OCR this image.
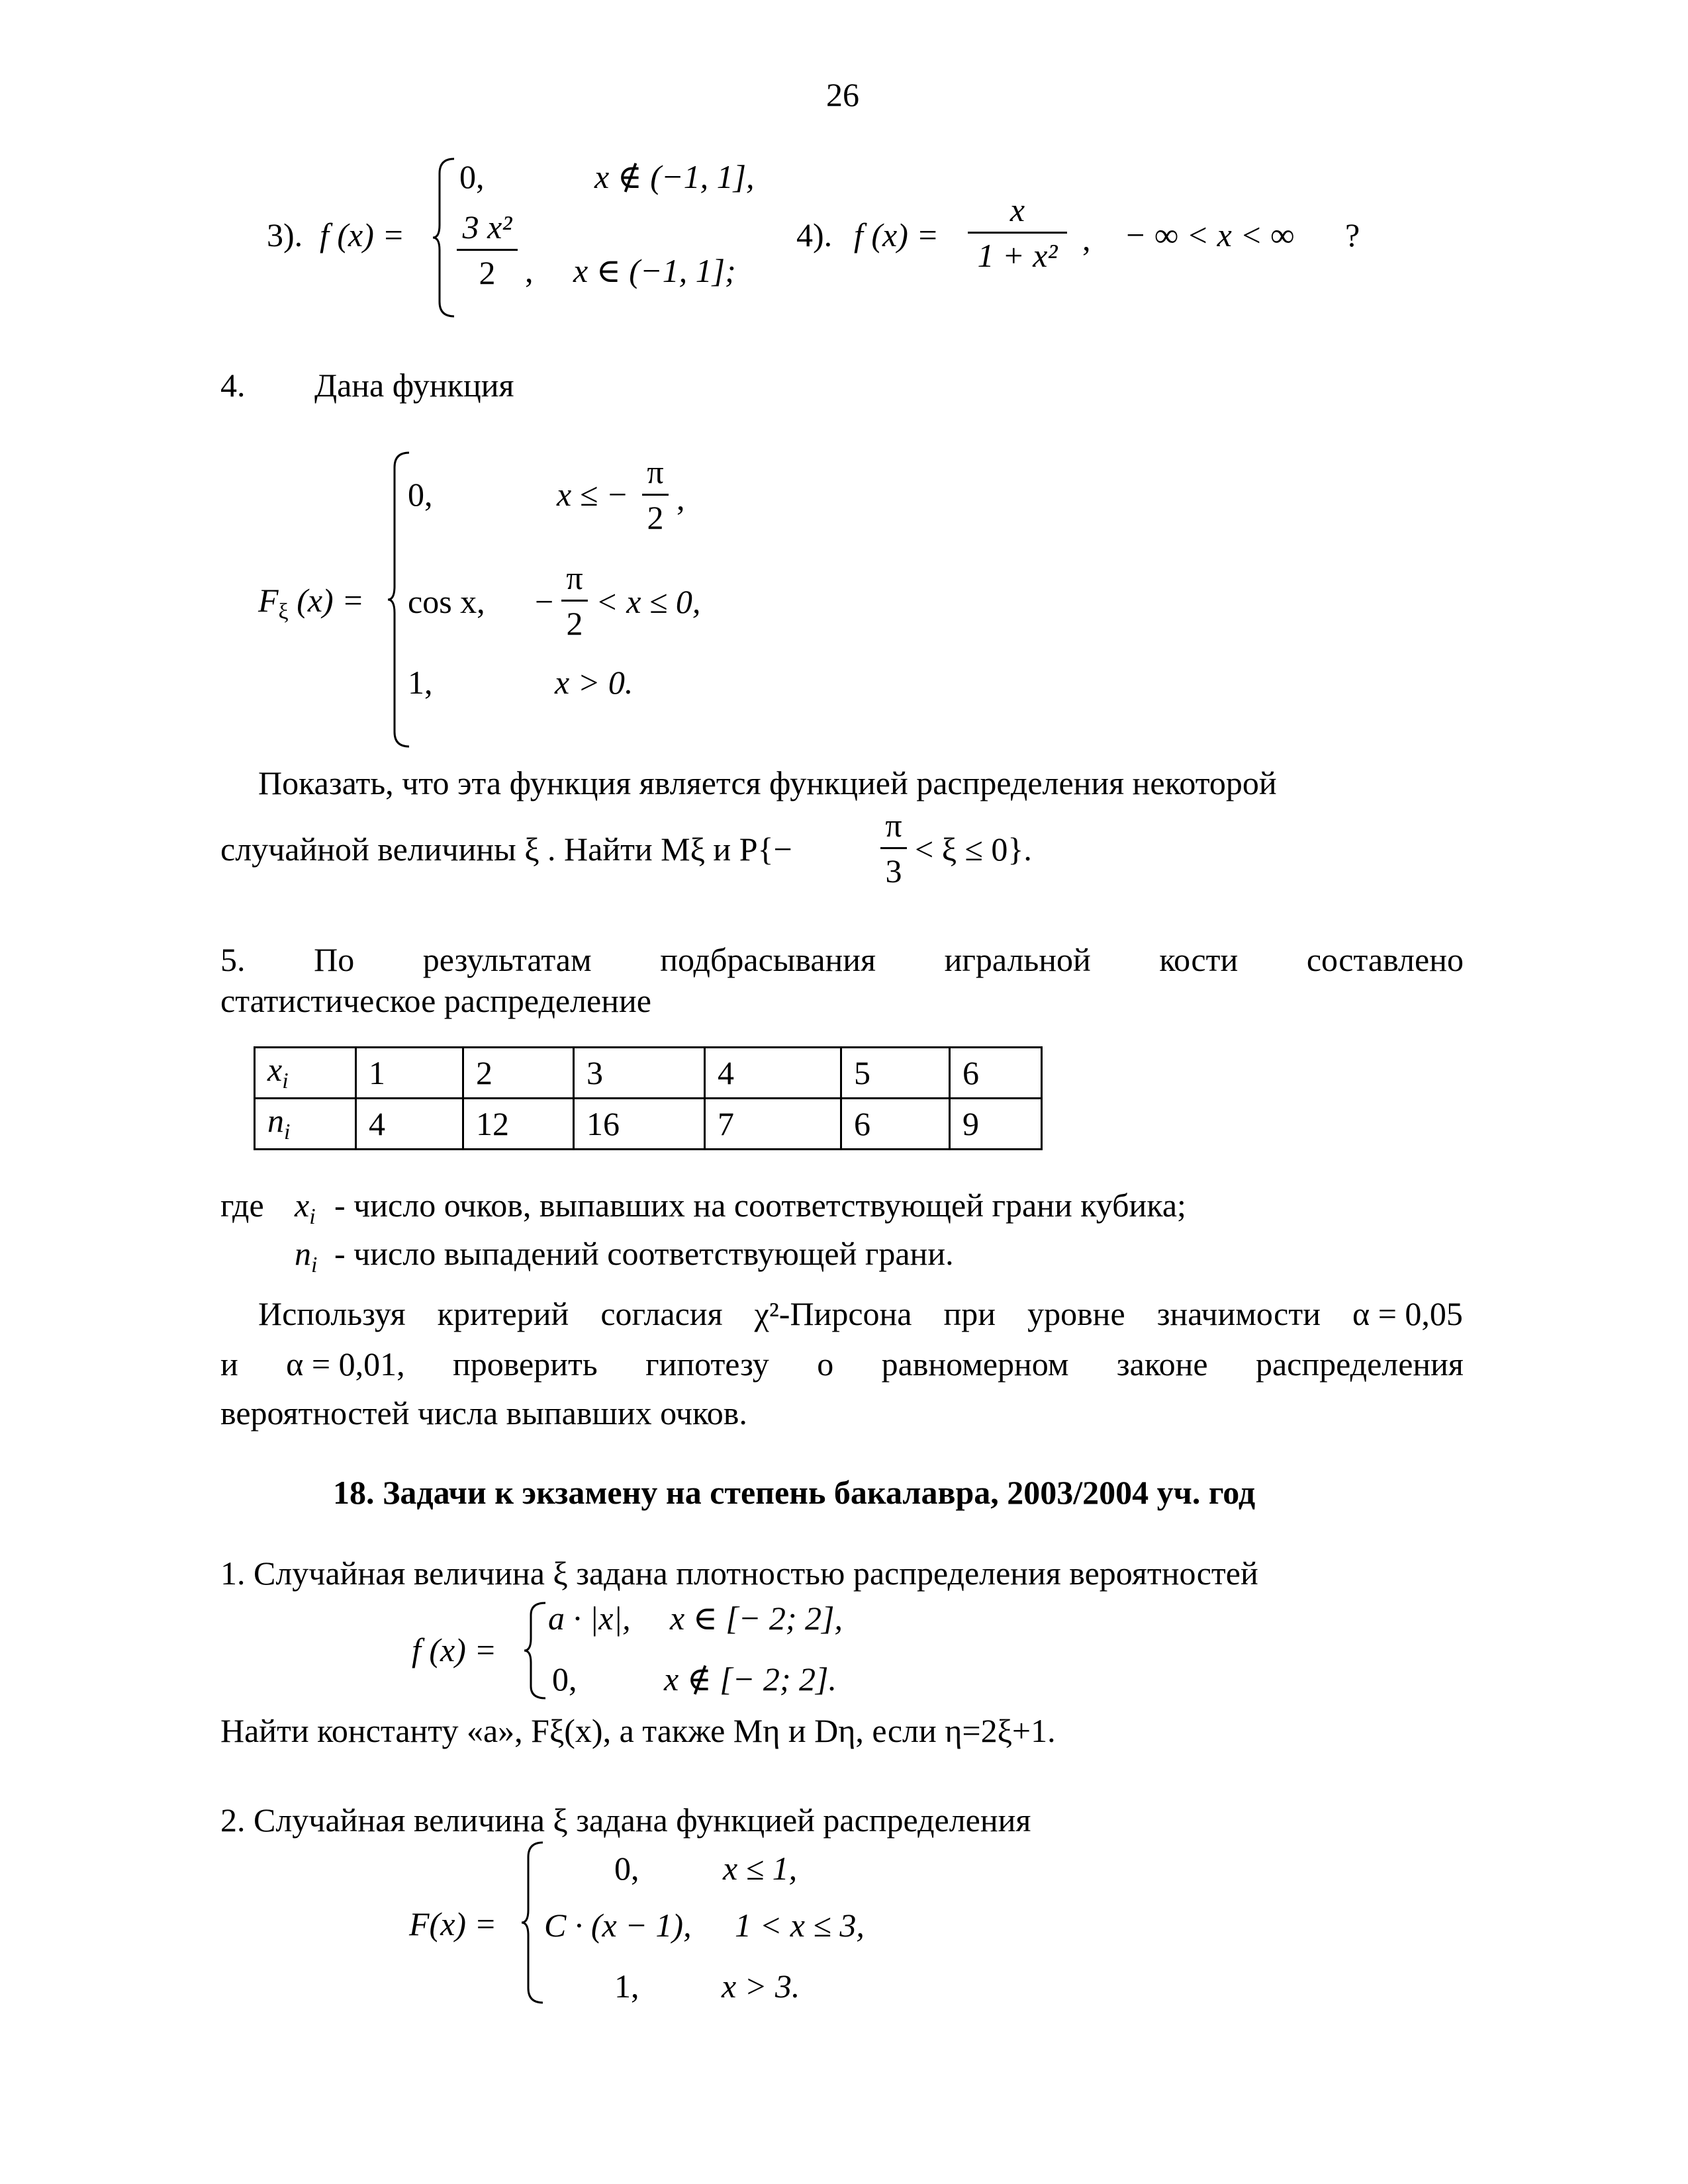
26
3). f (x) =
0,	x ∉ (−1, 1],
3 x²
2 , x ∈ (−1, 1];
4). f (x) =
x
1 + x² , − ∞ < x < ∞ ?
4. Дана функция
$F_\xi$ (x) =
0,	x ≤ −
π
2
,
cos x, −
π
2
< x ≤ 0,
1,	x > 0.
Показать, что эта функция является функцией распределения некоторой
случайной величины ξ . Найти Mξ и P{−
π
3
< ξ ≤ 0}.
5. По результатам подбрасывания игральной кости составлено
статистическое распределение
$x_i$	1	2	3	4	5	6
$n_i$	4	12	16	7	6	9
где $x_i$ - число очков, выпавших на соответствующей грани кубика;
$n_i$ - число выпадений соответствующей грани.
Используя критерий согласия χ²-Пирсона при уровне значимости α = 0,05
и α = 0,01, проверить гипотезу о равномерном законе распределения
вероятностей числа выпавших очков.
18. Задачи к экзамену на степень бакалавра, 2003/2004 уч. год
1. Случайная величина ξ задана плотностью распределения вероятностей
f (x) =
a · |x|, x ∈ [− 2; 2],
0,	x ∉ [− 2; 2].
Найти константу «а», Fξ(x), а также Mη и Dη, если η=2ξ+1.
2. Случайная величина ξ задана функцией распределения
F(x) =
0,	x ≤ 1,
C · (x − 1), 1 < x ≤ 3,
1, x > 3.
